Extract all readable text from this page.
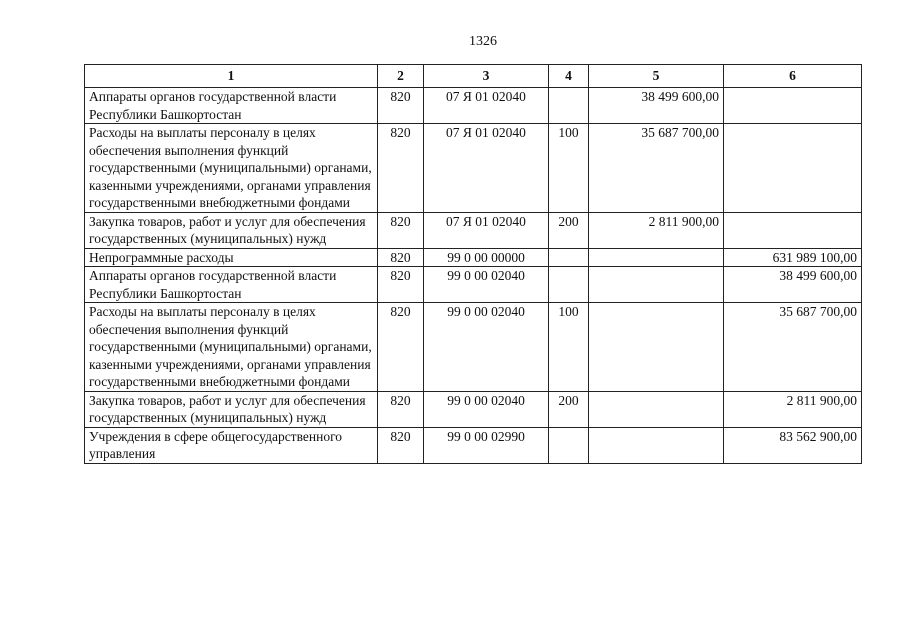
1326
1	2	3	4	5	6
Аппараты органов государственной власти Республики Башкортостан	820	07 Я 01 02040		38 499 600,00	
Расходы на выплаты персоналу в целях обеспечения выполнения функций государственными (муниципальными) органами, казенными учреждениями, органами управления государственными внебюджетными фондами	820	07 Я 01 02040	100	35 687 700,00	
Закупка товаров, работ и услуг для обеспечения государственных (муниципальных) нужд	820	07 Я 01 02040	200	2 811 900,00	
Непрограммные расходы	820	99 0 00 00000			631 989 100,00
Аппараты органов государственной власти Республики Башкортостан	820	99 0 00 02040			38 499 600,00
Расходы на выплаты персоналу в целях обеспечения выполнения функций государственными (муниципальными) органами, казенными учреждениями, органами управления государственными внебюджетными фондами	820	99 0 00 02040	100		35 687 700,00
Закупка товаров, работ и услуг для обеспечения государственных (муниципальных) нужд	820	99 0 00 02040	200		2 811 900,00
Учреждения в сфере общегосударственного управления	820	99 0 00 02990			83 562 900,00
